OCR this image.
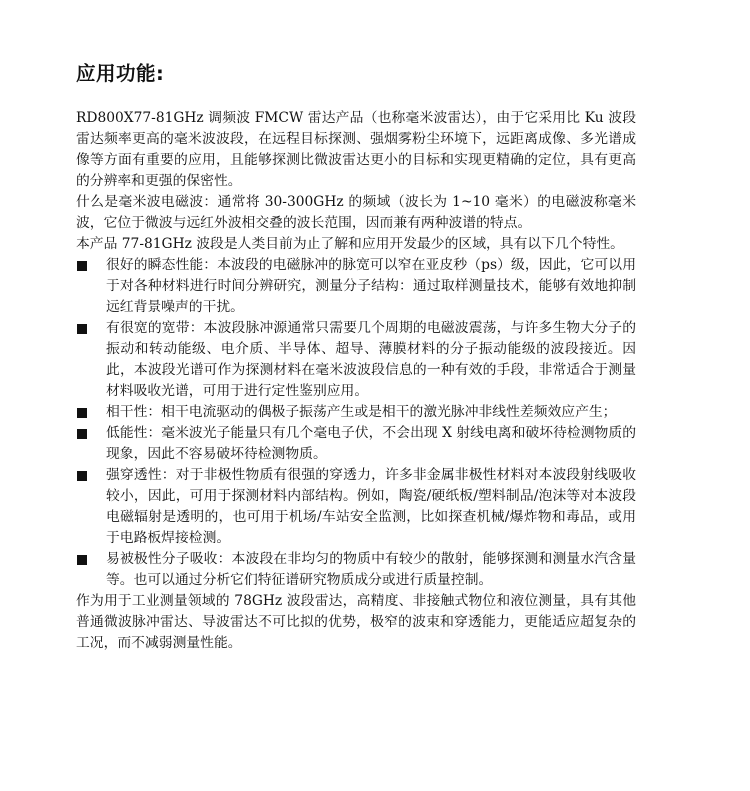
应用功能:

RD800X77-81GHz 调频波 FMCW 雷达产品（也称毫米波雷达），由于它采用比 Ku 波段雷达频率更高的毫米波波段，在远程目标探测、强烟雾粉尘环境下，远距离成像、多光谱成像等方面有重要的应用，且能够探测比微波雷达更小的目标和实现更精确的定位，具有更高的分辨率和更强的保密性。

什么是毫米波电磁波：通常将 30-300GHz 的频域（波长为 1~10 毫米）的电磁波称毫米波，它位于微波与远红外波相交叠的波长范围，因而兼有两种波谱的特点。

本产品 77-81GHz 波段是人类目前为止了解和应用开发最少的区域，具有以下几个特性。

很好的瞬态性能：本波段的电磁脉冲的脉宽可以窄在亚皮秒（ps）级，因此，它可以用于对各种材料进行时间分辨研究，测量分子结构：通过取样测量技术，能够有效地抑制远红背景噪声的干扰。
有很宽的宽带：本波段脉冲源通常只需要几个周期的电磁波震荡，与许多生物大分子的振动和转动能级、电介质、半导体、超导、薄膜材料的分子振动能级的波段接近。因此，本波段光谱可作为探测材料在毫米波波段信息的一种有效的手段，非常适合于测量材料吸收光谱，可用于进行定性鉴别应用。
相干性：相干电流驱动的偶极子振荡产生或是相干的激光脉冲非线性差频效应产生；
低能性：毫米波光子能量只有几个毫电子伏，不会出现 X 射线电离和破坏待检测物质的现象，因此不容易破坏待检测物质。
强穿透性：对于非极性物质有很强的穿透力，许多非金属非极性材料对本波段射线吸收较小，因此，可用于探测材料内部结构。例如，陶瓷/硬纸板/塑料制品/泡沫等对本波段电磁辐射是透明的，也可用于机场/车站安全监测，比如探查机械/爆炸物和毒品，或用于电路板焊接检测。
易被极性分子吸收：本波段在非均匀的物质中有较少的散射，能够探测和测量水汽含量等。也可以通过分析它们特征谱研究物质成分或进行质量控制。

作为用于工业测量领域的 78GHz 波段雷达，高精度、非接触式物位和液位测量，具有其他普通微波脉冲雷达、导波雷达不可比拟的优势，极窄的波束和穿透能力，更能适应超复杂的工况，而不减弱测量性能。
